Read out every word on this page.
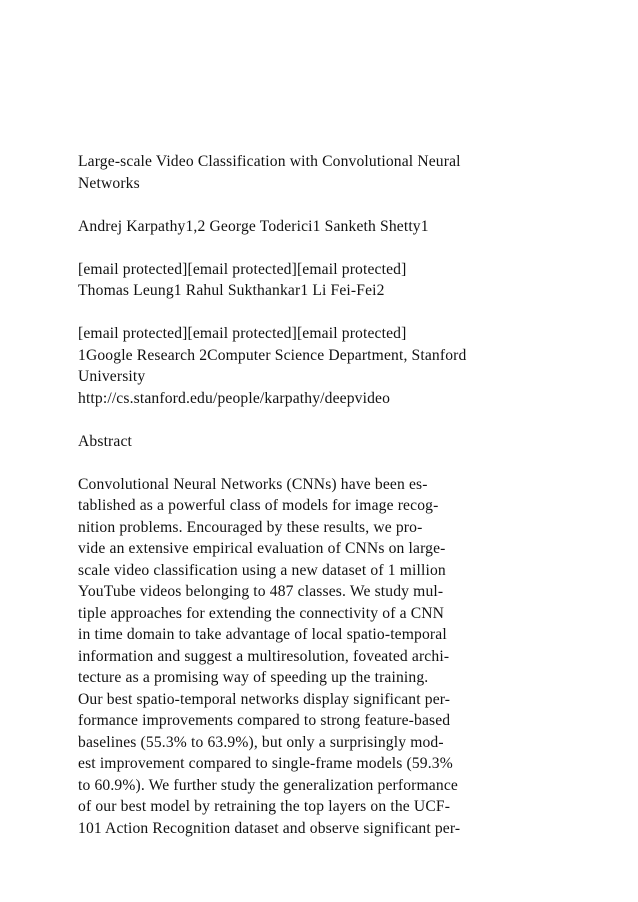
Large-scale Video Classification with Convolutional Neural
Networks
Andrej Karpathy1,2 George Toderici1 Sanketh Shetty1
[email protected][email protected][email protected]
Thomas Leung1 Rahul Sukthankar1 Li Fei-Fei2
[email protected][email protected][email protected]
1Google Research 2Computer Science Department, Stanford
University
http://cs.stanford.edu/people/karpathy/deepvideo
Abstract
Convolutional Neural Networks (CNNs) have been es-
tablished as a powerful class of models for image recog-
nition problems. Encouraged by these results, we pro-
vide an extensive empirical evaluation of CNNs on large-
scale video classification using a new dataset of 1 million
YouTube videos belonging to 487 classes. We study mul-
tiple approaches for extending the connectivity of a CNN
in time domain to take advantage of local spatio-temporal
information and suggest a multiresolution, foveated archi-
tecture as a promising way of speeding up the training.
Our best spatio-temporal networks display significant per-
formance improvements compared to strong feature-based
baselines (55.3% to 63.9%), but only a surprisingly mod-
est improvement compared to single-frame models (59.3%
to 60.9%). We further study the generalization performance
of our best model by retraining the top layers on the UCF-
101 Action Recognition dataset and observe significant per-
